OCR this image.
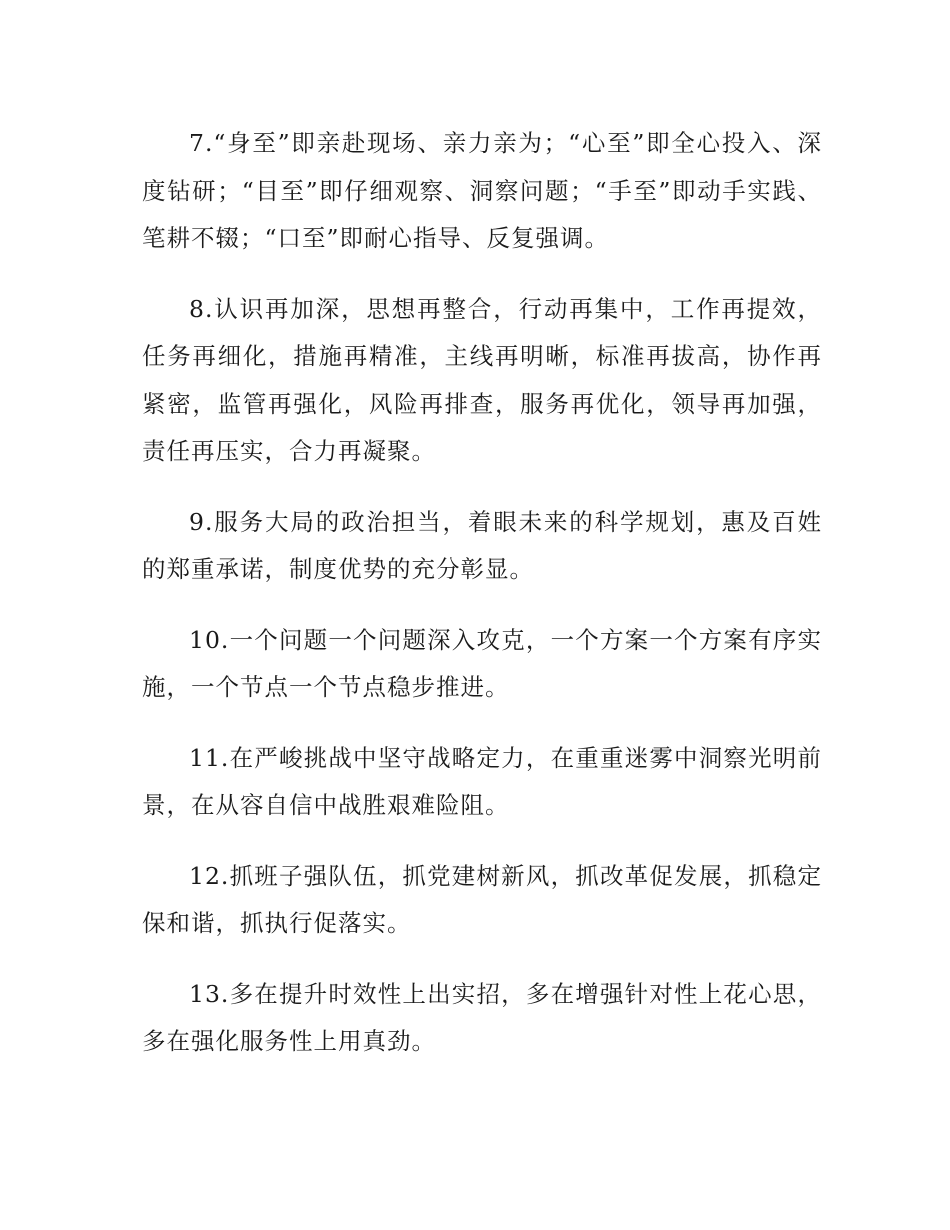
7.“身至”即亲赴现场、亲力亲为；“心至”即全心投入、深度钻研；“目至”即仔细观察、洞察问题；“手至”即动手实践、笔耕不辍；“口至”即耐心指导、反复强调。

8.认识再加深，思想再整合，行动再集中，工作再提效，任务再细化，措施再精准，主线再明晰，标准再拔高，协作再紧密，监管再强化，风险再排查，服务再优化，领导再加强，责任再压实，合力再凝聚。

9.服务大局的政治担当，着眼未来的科学规划，惠及百姓的郑重承诺，制度优势的充分彰显。

10.一个问题一个问题深入攻克，一个方案一个方案有序实施，一个节点一个节点稳步推进。

11.在严峻挑战中坚守战略定力，在重重迷雾中洞察光明前景，在从容自信中战胜艰难险阻。

12.抓班子强队伍，抓党建树新风，抓改革促发展，抓稳定保和谐，抓执行促落实。

13.多在提升时效性上出实招，多在增强针对性上花心思，多在强化服务性上用真劲。
